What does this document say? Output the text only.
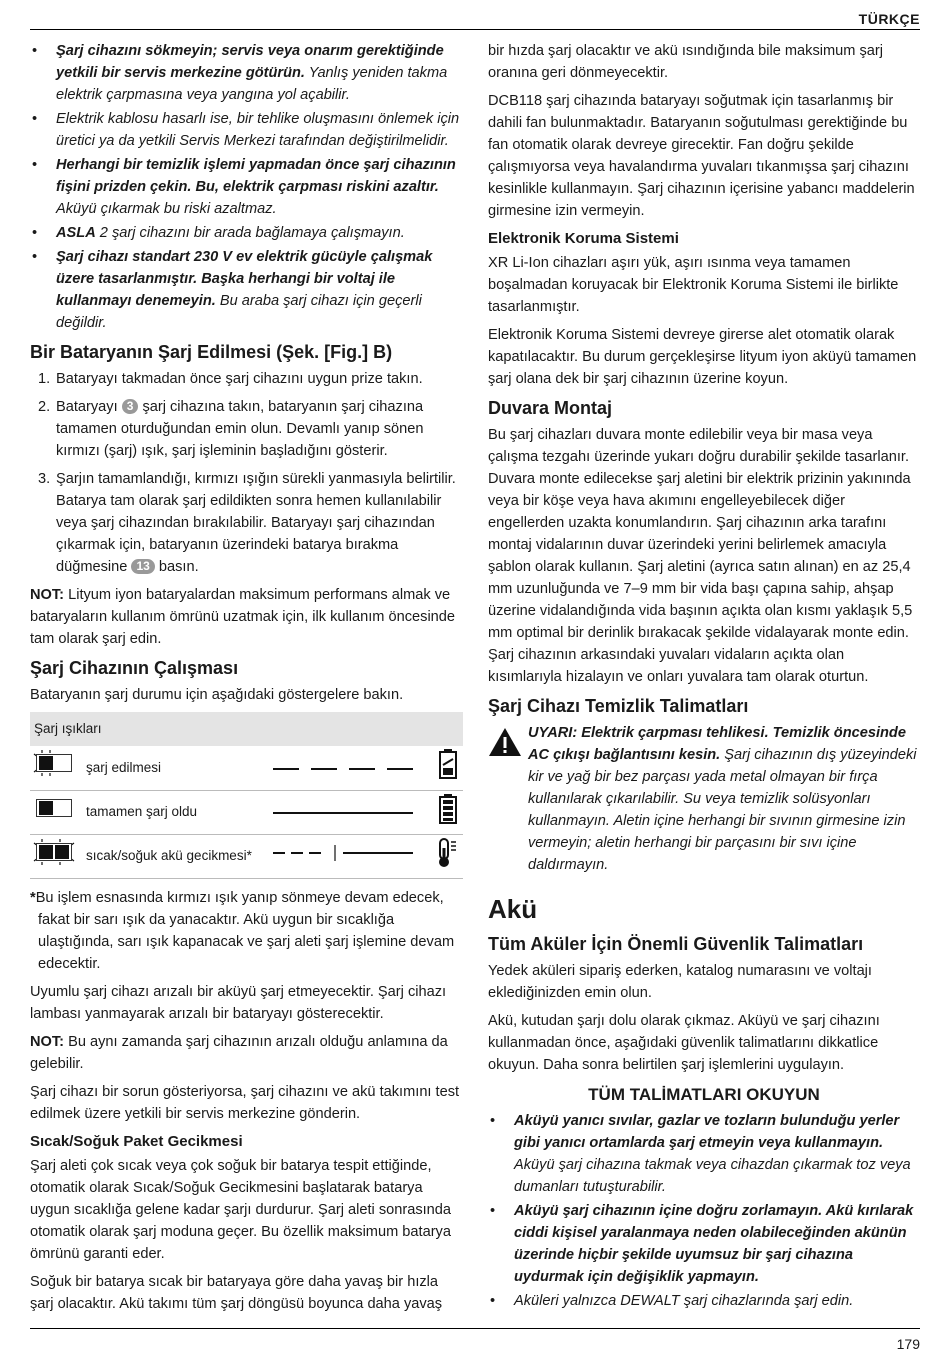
TÜRKÇE
• Şarj cihazını sökmeyin; servis veya onarım gerektiğinde yetkili bir servis merkezine götürün. Yanlış yeniden takma elektrik çarpmasına veya yangına yol açabilir.
• Elektrik kablosu hasarlı ise, bir tehlike oluşmasını önlemek için üretici ya da yetkili Servis Merkezi tarafından değiştirilmelidir.
• Herhangi bir temizlik işlemi yapmadan önce şarj cihazının fişini prizden çekin. Bu, elektrik çarpması riskini azaltır. Aküyü çıkarmak bu riski azaltmaz.
• ASLA 2 şarj cihazını bir arada bağlamaya çalışmayın.
• Şarj cihazı standart 230 V ev elektrik gücüyle çalışmak üzere tasarlanmıştır. Başka herhangi bir voltaj ile kullanmayı denemeyin. Bu araba şarj cihazı için geçerli değildir.
Bir Bataryanın Şarj Edilmesi (Şek. [Fig.] B)
1. Bataryayı takmadan önce şarj cihazını uygun prize takın.
2. Bataryayı 3 şarj cihazına takın, bataryanın şarj cihazına tamamen oturduğundan emin olun. Devamlı yanıp sönen kırmızı (şarj) ışık, şarj işleminin başladığını gösterir.
3. Şarjın tamamlandığı, kırmızı ışığın sürekli yanmasıyla belirtilir. Batarya tam olarak şarj edildikten sonra hemen kullanılabilir veya şarj cihazından bırakılabilir. Bataryayı şarj cihazından çıkarmak için, bataryanın üzerindeki batarya bırakma düğmesine 13 basın.

NOT: Lityum iyon bataryalardan maksimum performans almak ve bataryaların kullanım ömrünü uzatmak için, ilk kullanım öncesinde tam olarak şarj edin.

Şarj Cihazının Çalışması

Bataryanın şarj durumu için aşağıdaki göstergelere bakın.

Şarj ışıkları			

	şarj edilmesi		

	tamamen şarj oldu		

	sıcak/soğuk akü gecikmesi*		

*Bu işlem esnasında kırmızı ışık yanıp sönmeye devam edecek, fakat bir sarı ışık da yanacaktır. Akü uygun bir sıcaklığa ulaştığında, sarı ışık kapanacak ve şarj aleti şarj işlemine devam edecektir.

Uyumlu şarj cihazı arızalı bir aküyü şarj etmeyecektir. Şarj cihazı lambası yanmayarak arızalı bir bataryayı gösterecektir.

NOT: Bu aynı zamanda şarj cihazının arızalı olduğu anlamına da gelebilir.

Şarj cihazı bir sorun gösteriyorsa, şarj cihazını ve akü takımını test edilmek üzere yetkili bir servis merkezine gönderin.

Sıcak/Soğuk Paket Gecikmesi

Şarj aleti çok sıcak veya çok soğuk bir batarya tespit ettiğinde, otomatik olarak Sıcak/Soğuk Gecikmesini başlatarak batarya uygun sıcaklığa gelene kadar şarjı durdurur. Şarj aleti sonrasında otomatik olarak şarj moduna geçer. Bu özellik maksimum batarya ömrünü garanti eder.

Soğuk bir batarya sıcak bir bataryaya göre daha yavaş bir hızla şarj olacaktır. Akü takımı tüm şarj döngüsü boyunca daha yavaş

bir hızda şarj olacaktır ve akü ısındığında bile maksimum şarj oranına geri dönmeyecektir.

DCB118 şarj cihazında bataryayı soğutmak için tasarlanmış bir dahili fan bulunmaktadır. Bataryanın soğutulması gerektiğinde bu fan otomatik olarak devreye girecektir. Fan doğru şekilde çalışmıyorsa veya havalandırma yuvaları tıkanmışsa şarj cihazını kesinlikle kullanmayın. Şarj cihazının içerisine yabancı maddelerin girmesine izin vermeyin.

Elektronik Koruma Sistemi

XR Li-Ion cihazları aşırı yük, aşırı ısınma veya tamamen boşalmadan koruyacak bir Elektronik Koruma Sistemi ile birlikte tasarlanmıştır.

Elektronik Koruma Sistemi devreye girerse alet otomatik olarak kapatılacaktır. Bu durum gerçekleşirse lityum iyon aküyü tamamen şarj olana dek bir şarj cihazının üzerine koyun.

Duvara Montaj

Bu şarj cihazları duvara monte edilebilir veya bir masa veya çalışma tezgahı üzerinde yukarı doğru durabilir şekilde tasarlanır. Duvara monte edilecekse şarj aletini bir elektrik prizinin yakınında veya bir köşe veya hava akımını engelleyebilecek diğer engellerden uzakta konumlandırın. Şarj cihazının arka tarafını montaj vidalarının duvar üzerindeki yerini belirlemek amacıyla şablon olarak kullanın. Şarj aletini (ayrıca satın alınan) en az 25,4 mm uzunluğunda ve 7–9 mm bir vida başı çapına sahip, ahşap üzerine vidalandığında vida başının açıkta olan kısmı yaklaşık 5,5 mm optimal bir derinlik bırakacak şekilde vidalayarak monte edin. Şarj cihazının arkasındaki yuvaları vidaların açıkta olan kısımlarıyla hizalayın ve onları yuvalara tam olarak oturtun.

Şarj Cihazı Temizlik Talimatları

UYARI: Elektrik çarpması tehlikesi. Temizlik öncesinde AC çıkışı bağlantısını kesin. Şarj cihazının dış yüzeyindeki kir ve yağ bir bez parçası yada metal olmayan bir fırça kullanılarak çıkarılabilir. Su veya temizlik solüsyonları kullanmayın. Aletin içine herhangi bir sıvının girmesine izin vermeyin; aletin herhangi bir parçasını bir sıvı içine daldırmayın.

Akü
Tüm Aküler İçin Önemli Güvenlik Talimatları

Yedek aküleri sipariş ederken, katalog numarasını ve voltajı eklediğinizden emin olun.

Akü, kutudan şarjı dolu olarak çıkmaz. Aküyü ve şarj cihazını kullanmadan önce, aşağıdaki güvenlik talimatlarını dikkatlice okuyun. Daha sonra belirtilen şarj işlemlerini uygulayın.

TÜM TALİMATLARI OKUYUN
• Aküyü yanıcı sıvılar, gazlar ve tozların bulunduğu yerler gibi yanıcı ortamlarda şarj etmeyin veya kullanmayın. Aküyü şarj cihazına takmak veya cihazdan çıkarmak toz veya dumanları tutuşturabilir.
• Aküyü şarj cihazının içine doğru zorlamayın. Akü kırılarak ciddi kişisel yaralanmaya neden olabileceğinden akünün üzerinde hiçbir şekilde uyumsuz bir şarj cihazına uydurmak için değişiklik yapmayın.
• Aküleri yalnızca DEWALT şarj cihazlarında şarj edin.
179
